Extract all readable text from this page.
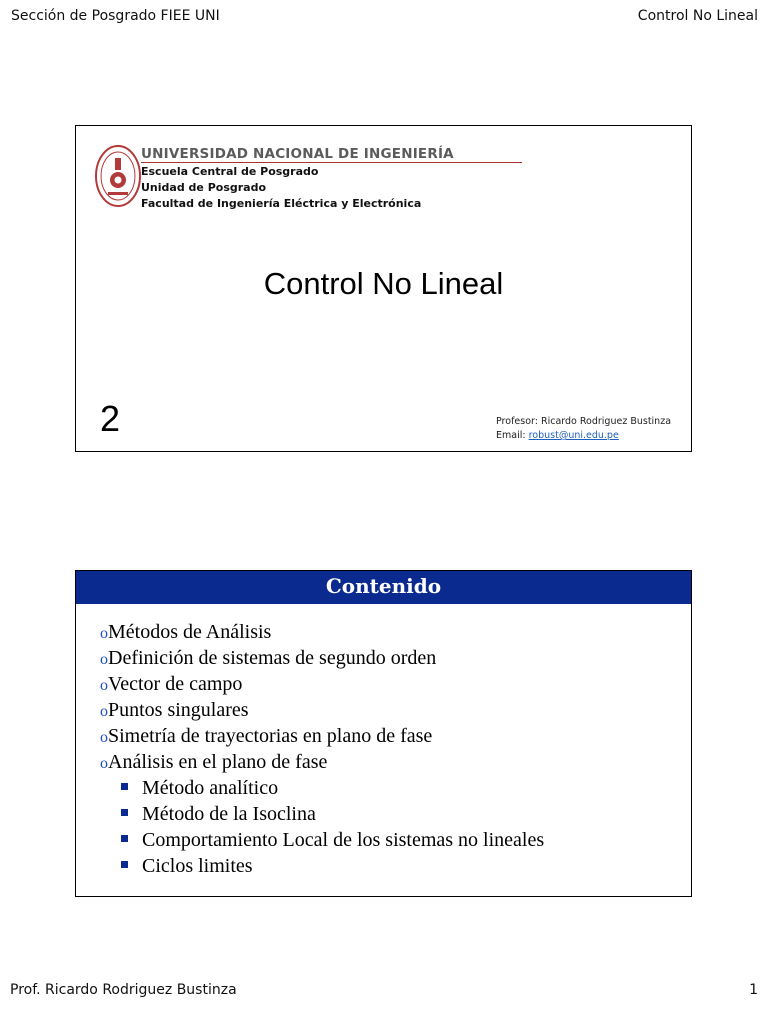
Sección de Posgrado FIEE UNI	Control No Lineal
UNIVERSIDAD NACIONAL DE INGENIERÍA
Escuela Central de Posgrado
Unidad de Posgrado
Facultad de Ingeniería Eléctrica y Electrónica
Control No Lineal
2	Profesor: Ricardo Rodriguez Bustinza
Email: robust@uni.edu.pe
Contenido
oMétodos de Análisis
oDefinición de sistemas de segundo orden
oVector de campo
oPuntos singulares
oSimetría de trayectorias en plano de fase
oAnálisis en el plano de fase
Método analítico
Método de la Isoclina
Comportamiento Local de los sistemas no lineales
Ciclos limites
Prof. Ricardo Rodriguez Bustinza	1
